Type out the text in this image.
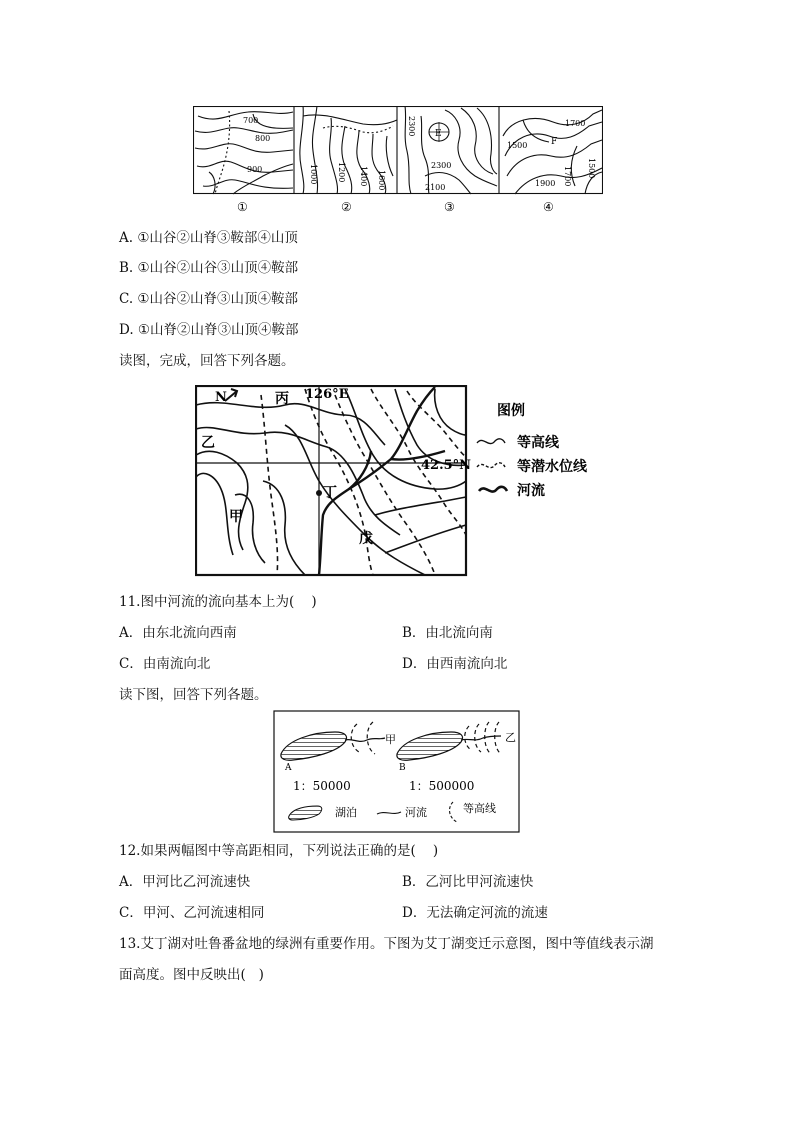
700
800
900	1000 1200 1400 1600
2300 E
2300
2100
1700
1500	F
1700 1500
1900
①	②	③	④
A. ①山谷②山脊③鞍部④山顶
B. ①山谷②山谷③山顶④鞍部
C. ①山谷②山脊③山顶④鞍部
D. ①山脊②山脊③山顶④鞍部
读图，完成，回答下列各题。
N	丙 126°E
乙
42.5°N
甲
丁
戊
图例
等高线
等潜水位线
河流
11.图中河流的流向基本上为(    )
A．由东北流向西南	B．由北流向南
C．由南流向北	D．由西南流向北
读下图，回答下列各题。
甲	乙
A	B
1：50000	1：500000
湖泊	河流	等高线
12.如果两幅图中等高距相同，下列说法正确的是(    )
A．甲河比乙河流速快	B．乙河比甲河流速快
C．甲河、乙河流速相同	D．无法确定河流的流速
13.艾丁湖对吐鲁番盆地的绿洲有重要作用。下图为艾丁湖变迁示意图，图中等值线表示湖
面高度。图中反映出(   )
